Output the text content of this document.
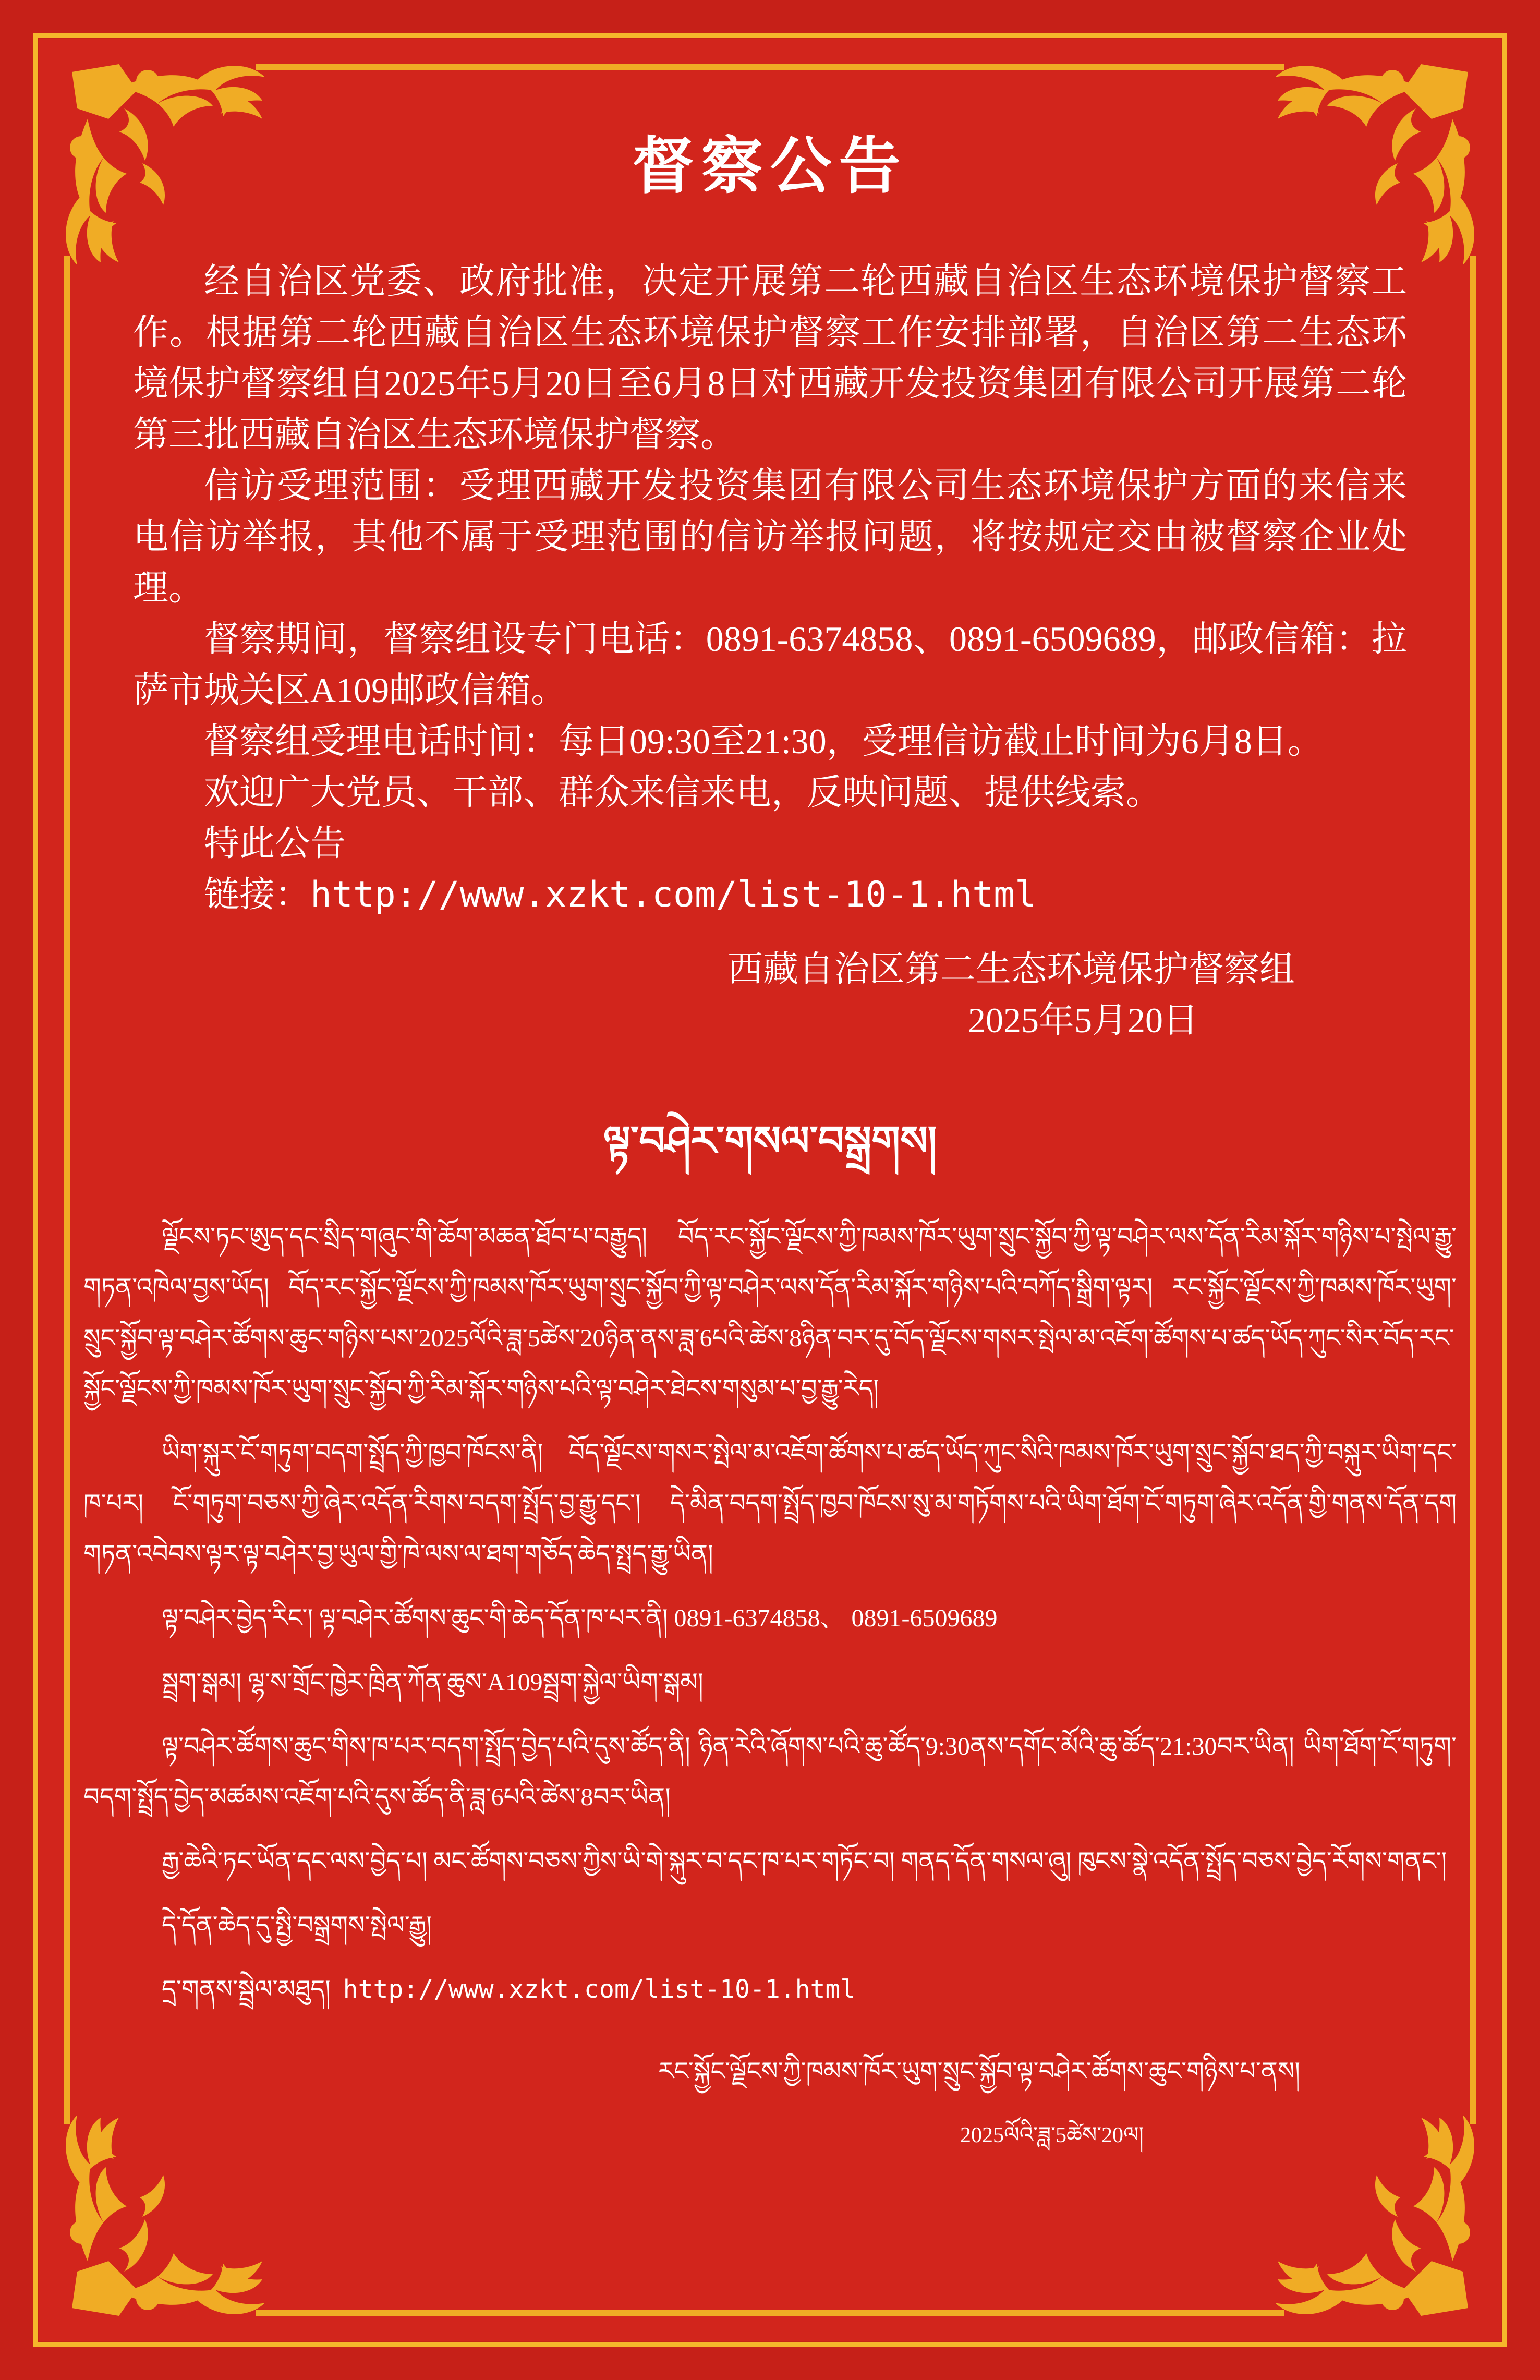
督察公告

经自治区党委、政府批准，决定开展第二轮西藏自治区生态环境保护督察工作。根据第二轮西藏自治区生态环境保护督察工作安排部署，自治区第二生态环境保护督察组自2025年5月20日至6月8日对西藏开发投资集团有限公司开展第二轮第三批西藏自治区生态环境保护督察。

信访受理范围：受理西藏开发投资集团有限公司生态环境保护方面的来信来电信访举报，其他不属于受理范围的信访举报问题，将按规定交由被督察企业处理。

督察期间，督察组设专门电话：0891-6374858、0891-6509689，邮政信箱：拉萨市城关区A109邮政信箱。

督察组受理电话时间：每日09:30至21:30，受理信访截止时间为6月8日。

欢迎广大党员、干部、群众来信来电，反映问题、提供线索。

特此公告

链接：http://www.xzkt.com/list-10-1.html

西藏自治区第二生态环境保护督察组

2025年5月20日

ལྟ་བཤེར་གསལ་བསྒྲགས།

ལྗོངས་ཏང་ཨུད་དང་སྲིད་གཞུང་གི་ཆོག་མཆན་ཐོབ་པ་བརྒྱུད། བོད་རང་སྐྱོང་ལྗོངས་ཀྱི་ཁམས་ཁོར་ཡུག་སྲུང་སྐྱོབ་ཀྱི་ལྟ་བཤེར་ལས་དོན་རིམ་སྐོར་གཉིས་པ་སྤེལ་རྒྱུ་གཏན་འཁེལ་བྱས་ཡོད། བོད་རང་སྐྱོང་ལྗོངས་ཀྱི་ཁམས་ཁོར་ཡུག་སྲུང་སྐྱོབ་ཀྱི་ལྟ་བཤེར་ལས་དོན་རིམ་སྐོར་གཉིས་པའི་བཀོད་སྒྲིག་ལྟར། རང་སྐྱོང་ལྗོངས་ཀྱི་ཁམས་ཁོར་ཡུག་སྲུང་སྐྱོབ་ལྟ་བཤེར་ཚོགས་ཆུང་གཉིས་པས་2025ལོའི་ཟླ་5ཚེས་20ཉིན་ནས་ཟླ་6པའི་ཚེས་8ཉིན་བར་དུ་བོད་ལྗོངས་གསར་སྤེལ་མ་འཇོག་ཚོགས་པ་ཚད་ཡོད་ཀུང་སིར་བོད་རང་སྐྱོང་ལྗོངས་ཀྱི་ཁམས་ཁོར་ཡུག་སྲུང་སྐྱོབ་ཀྱི་རིམ་སྐོར་གཉིས་པའི་ལྟ་བཤེར་ཐེངས་གསུམ་པ་བྱ་རྒྱུ་རེད།

ཡིག་སྐུར་ངོ་གཏུག་བདག་སྤྲོད་ཀྱི་ཁྱབ་ཁོངས་ནི། བོད་ལྗོངས་གསར་སྤེལ་མ་འཇོག་ཚོགས་པ་ཚད་ཡོད་ཀུང་སིའི་ཁམས་ཁོར་ཡུག་སྲུང་སྐྱོབ་ཐད་ཀྱི་བསྐུར་ཡིག་དང་ཁ་པར། ངོ་གཏུག་བཅས་ཀྱི་ཞེར་འདོན་རིགས་བདག་སྤྲོད་བྱ་རྒྱུ་དང་། དེ་མིན་བདག་སྤྲོད་ཁྱབ་ཁོངས་སུ་མ་གཏོགས་པའི་ཡིག་ཐོག་ངོ་གཏུག་ཞེར་འདོན་གྱི་གནས་དོན་དག གཏན་འབེབས་ལྟར་ལྟ་བཤེར་བྱ་ཡུལ་གྱི་ཁེ་ལས་ལ་ཐག་གཅོད་ཆེད་སྤྲད་རྒྱུ་ཡིན།

ལྟ་བཤེར་བྱེད་རིང་། ལྟ་བཤེར་ཚོགས་ཆུང་གི་ཆེད་དོན་ཁ་པར་ནི། 0891-6374858、 0891-6509689

སྦྲག་སྒམ། ལྷ་ས་གྲོང་ཁྱེར་ཁྲིན་ཀོན་ཆུས་A109སྦྲག་སྐྱེལ་ཡིག་སྒམ།

ལྟ་བཤེར་ཚོགས་ཆུང་གིས་ཁ་པར་བདག་སྤྲོད་བྱེད་པའི་དུས་ཚོད་ནི། ཉིན་རེའི་ཞོགས་པའི་ཆུ་ཚོད་9:30ནས་དགོང་མོའི་ཆུ་ཚོད་21:30བར་ཡིན། ཡིག་ཐོག་ངོ་གཏུག་བདག་སྤྲོད་བྱེད་མཚམས་འཇོག་པའི་དུས་ཚོད་ནི་ཟླ་6པའི་ཚེས་8བར་ཡིན།

རྒྱ་ཆེའི་ཏང་ཡོན་དང་ལས་བྱེད་པ། མང་ཚོགས་བཅས་ཀྱིས་ཡི་གེ་སྐུར་བ་དང་ཁ་པར་གཏོང་བ། གནད་དོན་གསལ་ཞུ། ཁུངས་སྣེ་འདོན་སྤྲོད་བཅས་བྱེད་རོགས་གནང་།

དེ་དོན་ཆེད་དུ་སྤྱི་བསྒྲགས་སྤེལ་རྒྱུ།

དྲ་གནས་སྦྲེལ་མཐུད། http://www.xzkt.com/list-10-1.html

རང་སྐྱོང་ལྗོངས་ཀྱི་ཁམས་ཁོར་ཡུག་སྲུང་སྐྱོབ་ལྟ་བཤེར་ཚོགས་ཆུང་གཉིས་པ་ནས།

2025ལོའི་ཟླ་5ཚེས་20ལ།
